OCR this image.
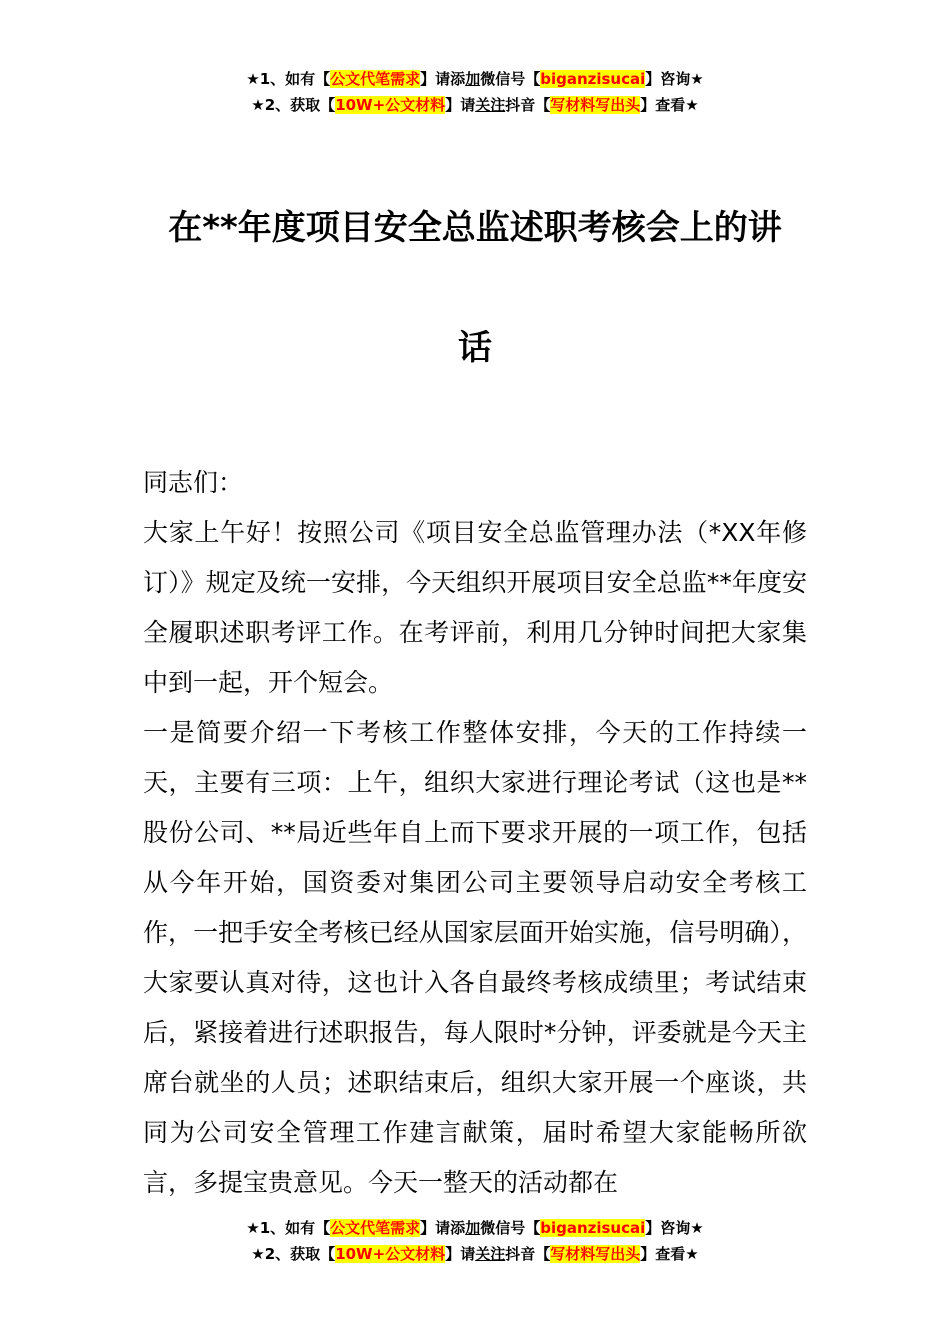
★1、如有【公文代笔需求】请添加微信号【biganzisucai】咨询★
★2、获取【10W+公文材料】请关注抖音【写材料写出头】查看★
在**年度项目安全总监述职考核会上的讲
话

同志们：

大家上午好！按照公司《项目安全总监管理办法（*XX年修订）》规定及统一安排，今天组织开展项目安全总监**年度安全履职述职考评工作。在考评前，利用几分钟时间把大家集中到一起，开个短会。

一是简要介绍一下考核工作整体安排，今天的工作持续一天，主要有三项：上午，组织大家进行理论考试（这也是**股份公司、**局近些年自上而下要求开展的一项工作，包括从今年开始，国资委对集团公司主要领导启动安全考核工作，一把手安全考核已经从国家层面开始实施，信号明确），大家要认真对待，这也计入各自最终考核成绩里；考试结束后，紧接着进行述职报告，每人限时*分钟，评委就是今天主席台就坐的人员；述职结束后，组织大家开展一个座谈，共同为公司安全管理工作建言献策，届时希望大家能畅所欲言，多提宝贵意见。今天一整天的活动都在

★1、如有【公文代笔需求】请添加微信号【biganzisucai】咨询★
★2、获取【10W+公文材料】请关注抖音【写材料写出头】查看★
